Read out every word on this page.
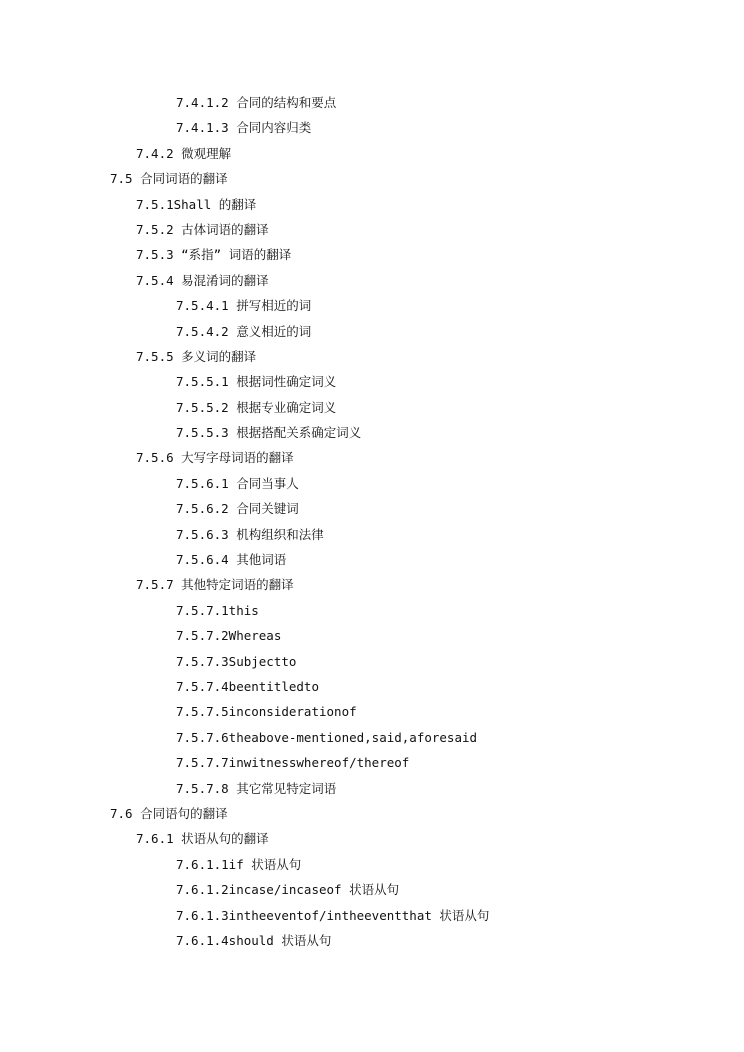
7.4.1.2 合同的结构和要点
7.4.1.3 合同内容归类
7.4.2 微观理解
7.5 合同词语的翻译
7.5.1Shall 的翻译
7.5.2 古体词语的翻译
7.5.3 “系指” 词语的翻译
7.5.4 易混淆词的翻译
7.5.4.1 拼写相近的词
7.5.4.2 意义相近的词
7.5.5 多义词的翻译
7.5.5.1 根据词性确定词义
7.5.5.2 根据专业确定词义
7.5.5.3 根据搭配关系确定词义
7.5.6 大写字母词语的翻译
7.5.6.1 合同当事人
7.5.6.2 合同关键词
7.5.6.3 机构组织和法律
7.5.6.4 其他词语
7.5.7 其他特定词语的翻译
7.5.7.1this
7.5.7.2Whereas
7.5.7.3Subjectto
7.5.7.4beentitledto
7.5.7.5inconsiderationof
7.5.7.6theabove-mentioned,said,aforesaid
7.5.7.7inwitnesswhereof/thereof
7.5.7.8 其它常见特定词语
7.6 合同语句的翻译
7.6.1 状语从句的翻译
7.6.1.1if 状语从句
7.6.1.2incase/incaseof 状语从句
7.6.1.3intheeventof/intheeventthat 状语从句
7.6.1.4should 状语从句
